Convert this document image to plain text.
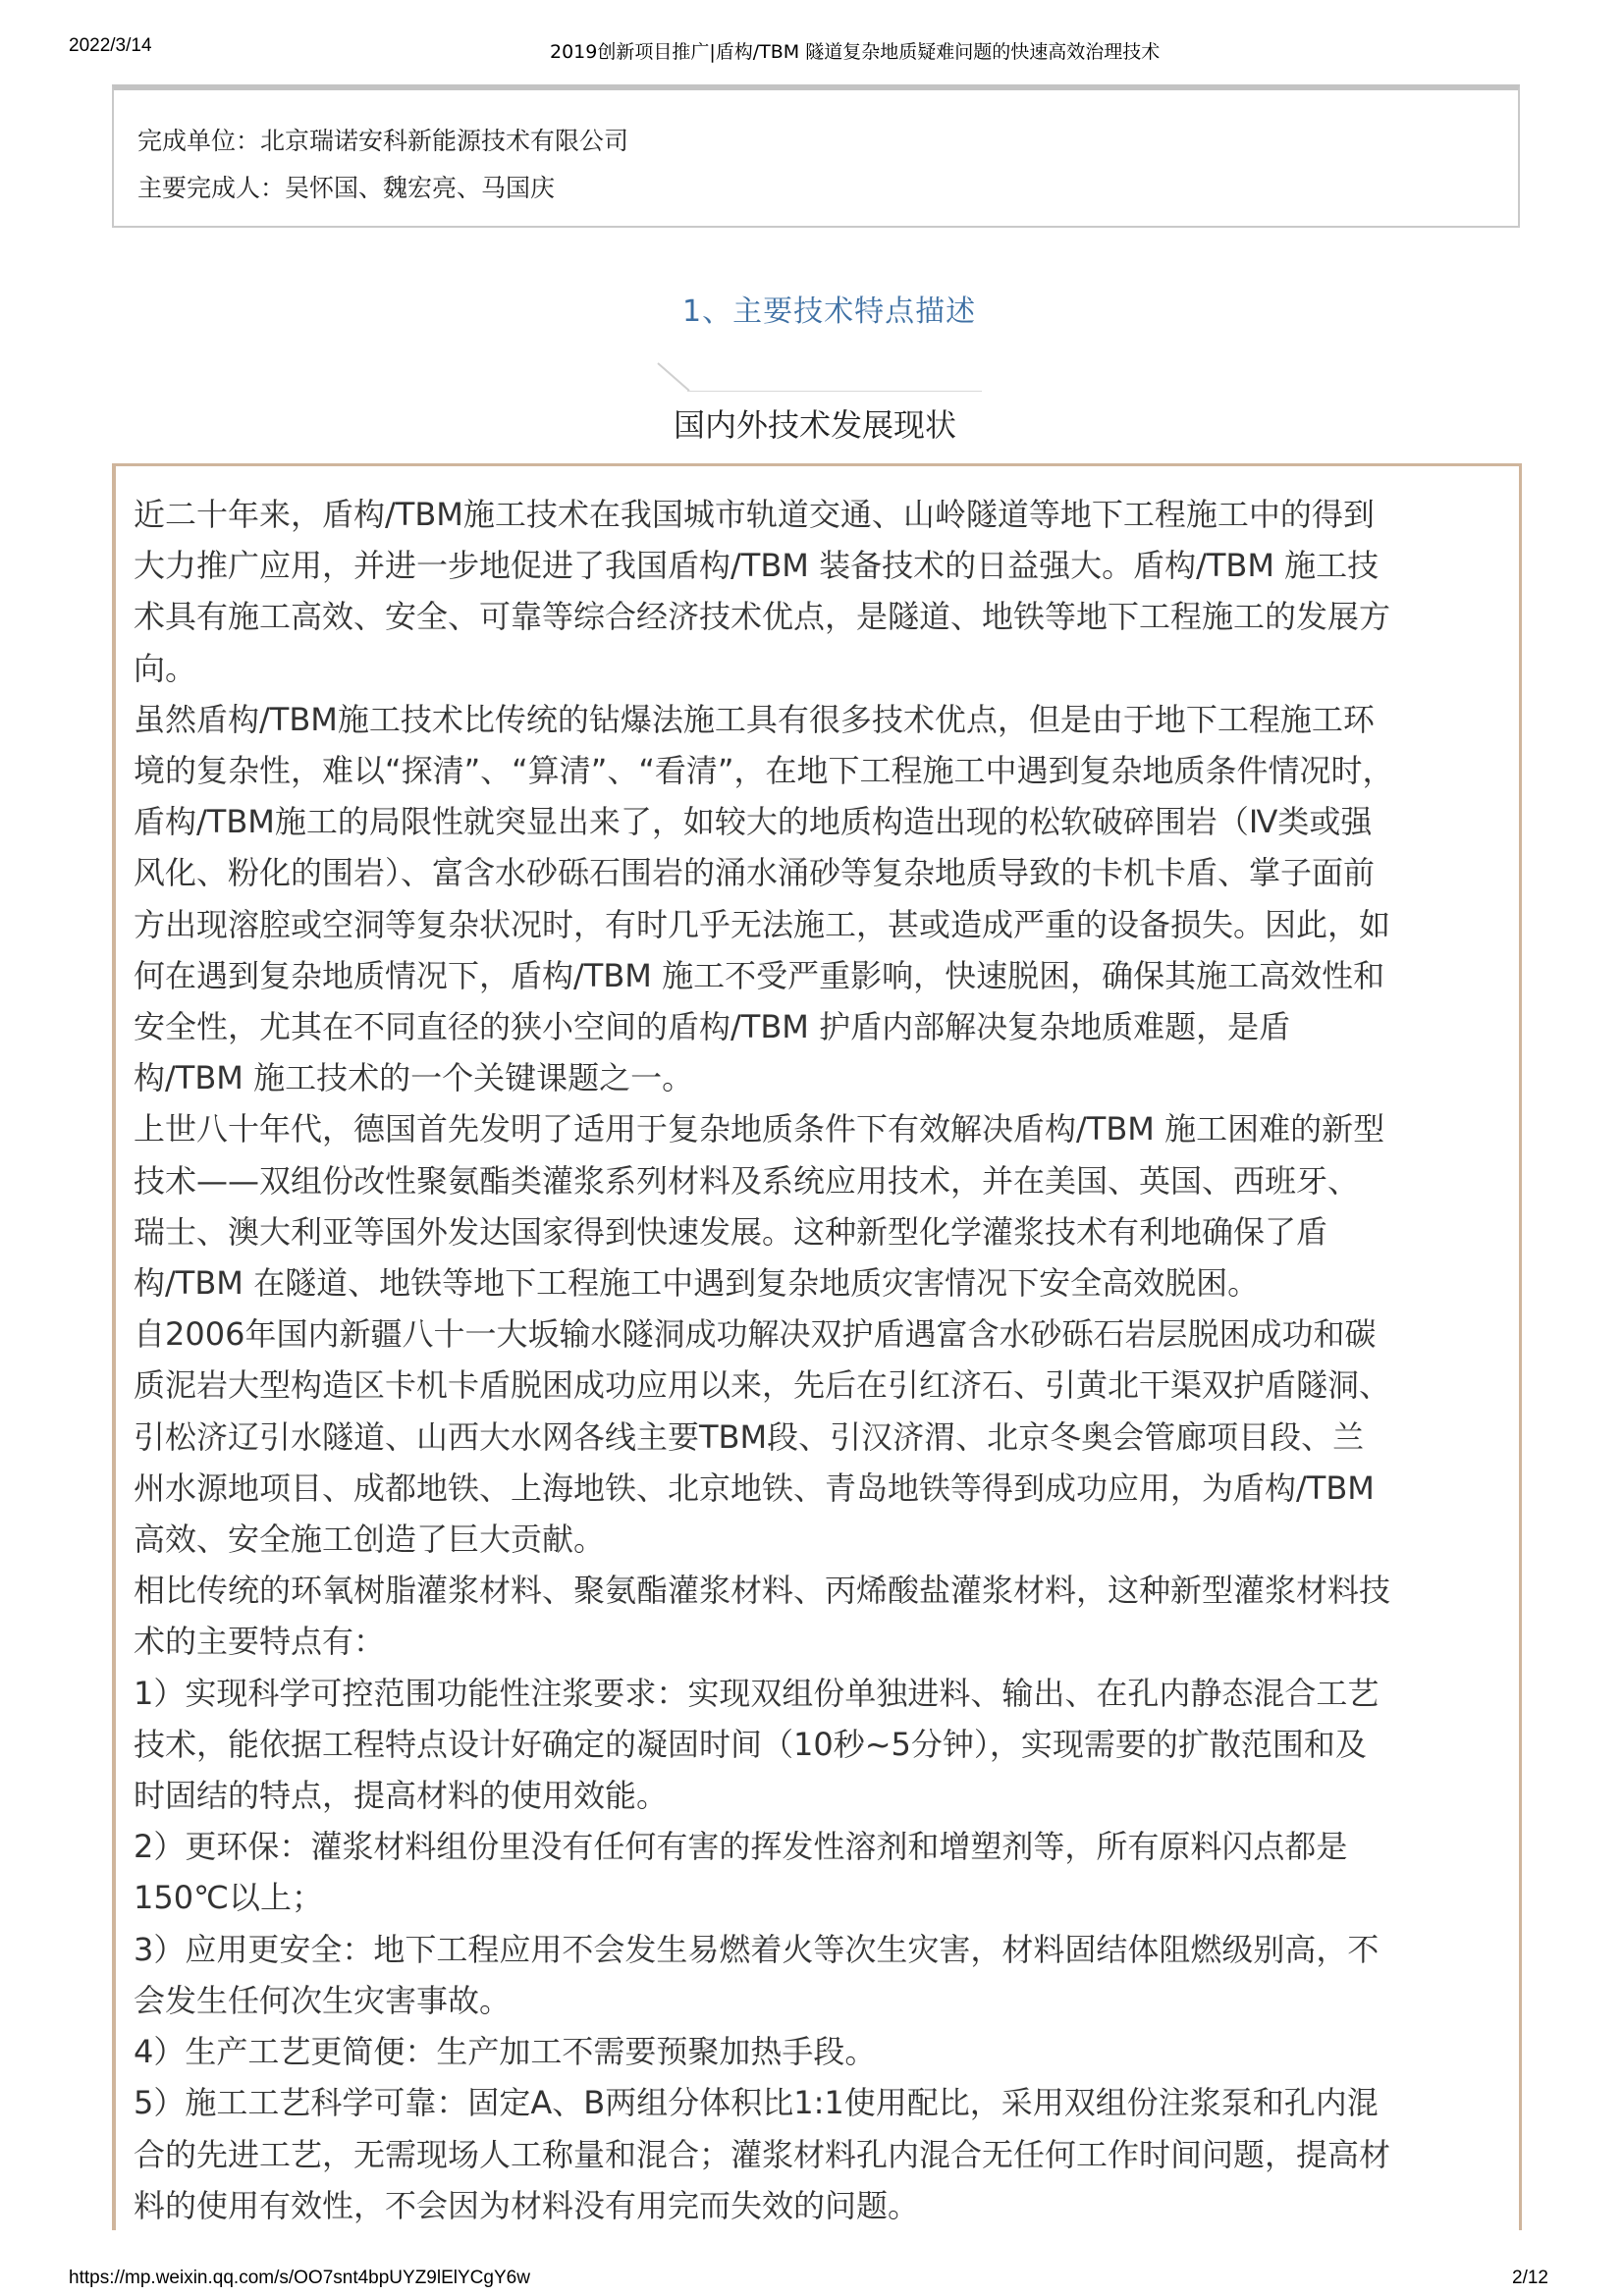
2022/3/14	2019创新项目推广|盾构/TBM 隧道复杂地质疑难问题的快速高效治理技术
完成单位：北京瑞诺安科新能源技术有限公司
主要完成人：吴怀国、魏宏亮、马国庆
1、主要技术特点描述
国内外技术发展现状

近二十年来，盾构/TBM施工技术在我国城市轨道交通、山岭隧道等地下工程施工中的得到

大力推广应用，并进一步地促进了我国盾构/TBM 装备技术的日益强大。盾构/TBM 施工技

术具有施工高效、安全、可靠等综合经济技术优点，是隧道、地铁等地下工程施工的发展方

向。

虽然盾构/TBM施工技术比传统的钻爆法施工具有很多技术优点，但是由于地下工程施工环

境的复杂性，难以“探清”、“算清”、“看清”，在地下工程施工中遇到复杂地质条件情况时，

盾构/TBM施工的局限性就突显出来了，如较大的地质构造出现的松软破碎围岩（Ⅳ类或强

风化、粉化的围岩）、富含水砂砾石围岩的涌水涌砂等复杂地质导致的卡机卡盾、掌子面前

方出现溶腔或空洞等复杂状况时，有时几乎无法施工，甚或造成严重的设备损失。因此，如

何在遇到复杂地质情况下，盾构/TBM 施工不受严重影响，快速脱困，确保其施工高效性和

安全性，尤其在不同直径的狭小空间的盾构/TBM 护盾内部解决复杂地质难题，是盾

构/TBM 施工技术的一个关键课题之一。

上世八十年代，德国首先发明了适用于复杂地质条件下有效解决盾构/TBM 施工困难的新型

技术——双组份改性聚氨酯类灌浆系列材料及系统应用技术，并在美国、英国、西班牙、

瑞士、澳大利亚等国外发达国家得到快速发展。这种新型化学灌浆技术有利地确保了盾

构/TBM 在隧道、地铁等地下工程施工中遇到复杂地质灾害情况下安全高效脱困。

自2006年国内新疆八十一大坂输水隧洞成功解决双护盾遇富含水砂砾石岩层脱困成功和碳

质泥岩大型构造区卡机卡盾脱困成功应用以来，先后在引红济石、引黄北干渠双护盾隧洞、

引松济辽引水隧道、山西大水网各线主要TBM段、引汉济渭、北京冬奥会管廊项目段、兰

州水源地项目、成都地铁、上海地铁、北京地铁、青岛地铁等得到成功应用，为盾构/TBM

高效、安全施工创造了巨大贡献。

相比传统的环氧树脂灌浆材料、聚氨酯灌浆材料、丙烯酸盐灌浆材料，这种新型灌浆材料技

术的主要特点有：

1）实现科学可控范围功能性注浆要求：实现双组份单独进料、输出、在孔内静态混合工艺

技术，能依据工程特点设计好确定的凝固时间（10秒~5分钟），实现需要的扩散范围和及

时固结的特点，提高材料的使用效能。

2）更环保：灌浆材料组份里没有任何有害的挥发性溶剂和增塑剂等，所有原料闪点都是

150℃以上；

3）应用更安全：地下工程应用不会发生易燃着火等次生灾害，材料固结体阻燃级别高，不

会发生任何次生灾害事故。

4）生产工艺更简便：生产加工不需要预聚加热手段。

5）施工工艺科学可靠：固定A、B两组分体积比1:1使用配比，采用双组份注浆泵和孔内混

合的先进工艺，无需现场人工称量和混合；灌浆材料孔内混合无任何工作时间问题，提高材

料的使用有效性，不会因为材料没有用完而失效的问题。

https://mp.weixin.qq.com/s/OO7snt4bpUYZ9lElYCgY6w	2/12
